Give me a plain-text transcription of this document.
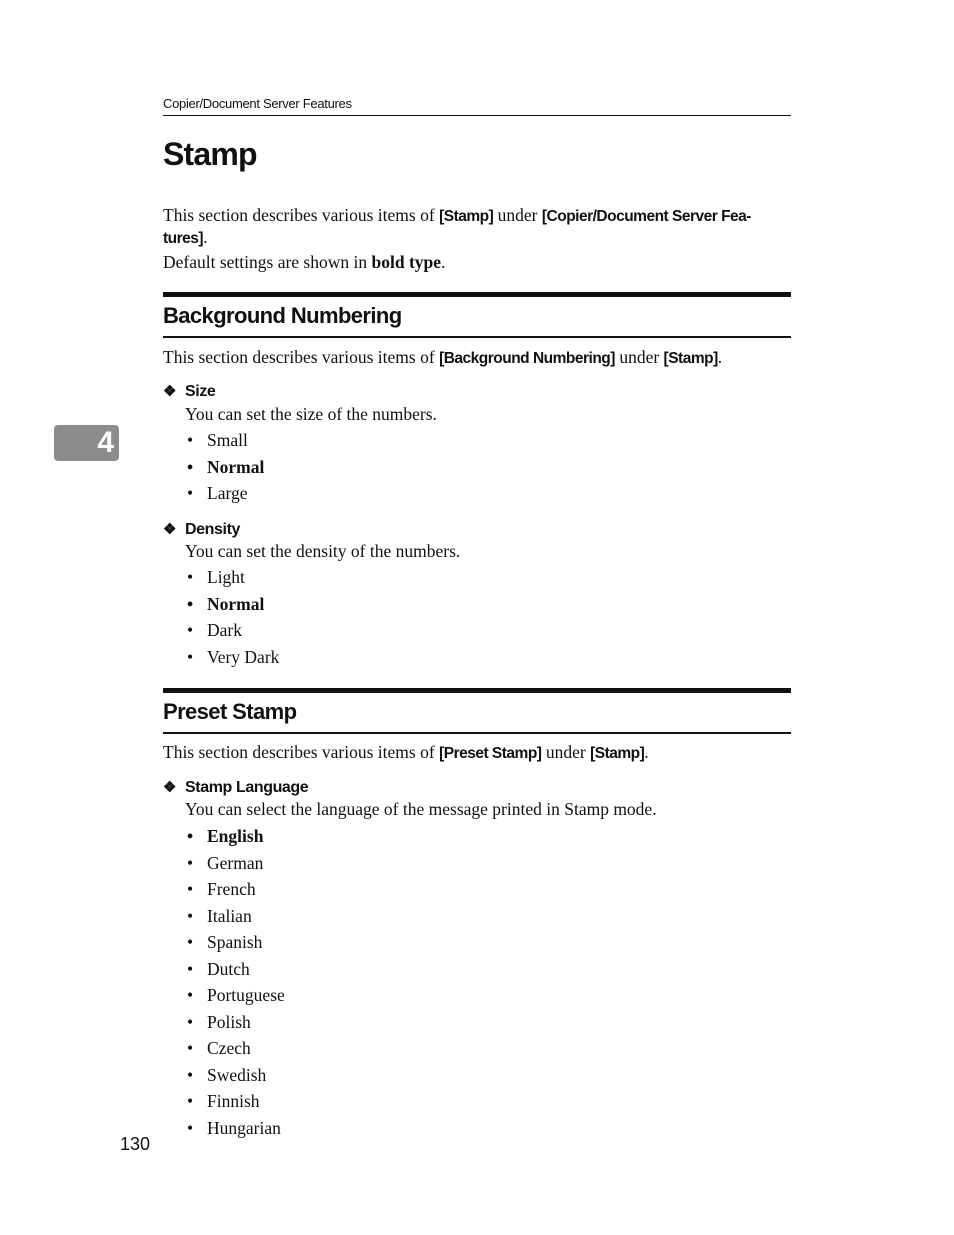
Copier/Document Server Features
Stamp

This section describes various items of [Stamp] under [Copier/Document Server Fea-tures].

Default settings are shown in bold type.

Background Numbering

This section describes various items of [Background Numbering] under [Stamp].

❖ Size

You can set the size of the numbers.

• Small
• Normal
• Large
❖ Density

You can set the density of the numbers.

• Light
• Normal
• Dark
• Very Dark
Preset Stamp

This section describes various items of [Preset Stamp] under [Stamp].

❖ Stamp Language

You can select the language of the message printed in Stamp mode.

• English
• German
• French
• Italian
• Spanish
• Dutch
• Portuguese
• Polish
• Czech
• Swedish
• Finnish
• Hungarian
4
130
